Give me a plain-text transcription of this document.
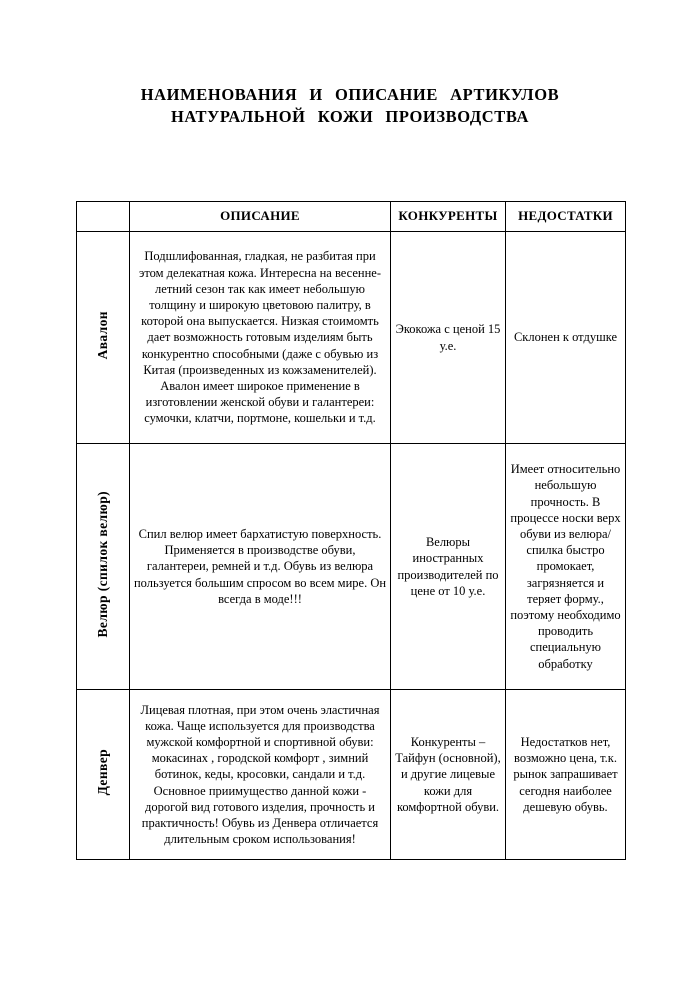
НАИМЕНОВАНИЯ И ОПИСАНИЕ АРТИКУЛОВ
НАТУРАЛЬНОЙ КОЖИ ПРОИЗВОДСТВА
	ОПИСАНИЕ	КОНКУРЕНТЫ	НЕДОСТАТКИ
Авалон	Подшлифованная, гладкая, не разбитая при этом делекатная кожа. Интересна на весенне-летний сезон так как имеет небольшую толщину и широкую цветовою палитру, в которой она выпускается. Низкая стоимомть дает возможность готовым изделиям быть конкурентно способными (даже с обувью из Китая (произведенных из кожзаменителей). Авалон имеет широкое применение в изготовлении женской обуви и галантереи: сумочки, клатчи, портмоне, кошельки и т.д.	Экокожа с ценой 15 у.е.	Склонен к отдушке
Велюр (спилок велюр)	Спил велюр имеет бархатистую поверхность. Применяется в производстве обуви, галантереи, ремней и т.д. Обувь из велюра пользуется большим спросом во всем мире. Он всегда в моде!!!	Велюры иностранных производителей по цене от 10 у.е.	Имеет относительно небольшую прочность. В процессе носки верх обуви из велюра/спилка быстро промокает, загрязняется и теряет форму., поэтому необходимо проводить специальную обработку
Денвер	Лицевая плотная, при этом очень эластичная кожа. Чаще используется для производства мужской комфортной и спортивной обуви: мокасинах , городской комфорт , зимний ботинок, кеды, кросовки, сандали и т.д. Основное приимущество данной кожи - дорогой вид готового изделия, прочность и практичность! Обувь из Денвера отличается длительным сроком использования!	Конкуренты – Тайфун (основной), и другие лицевые кожи для комфортной обуви.	Недостатков нет, возможно цена, т.к. рынок запрашивает сегодня наиболее дешевую обувь.
